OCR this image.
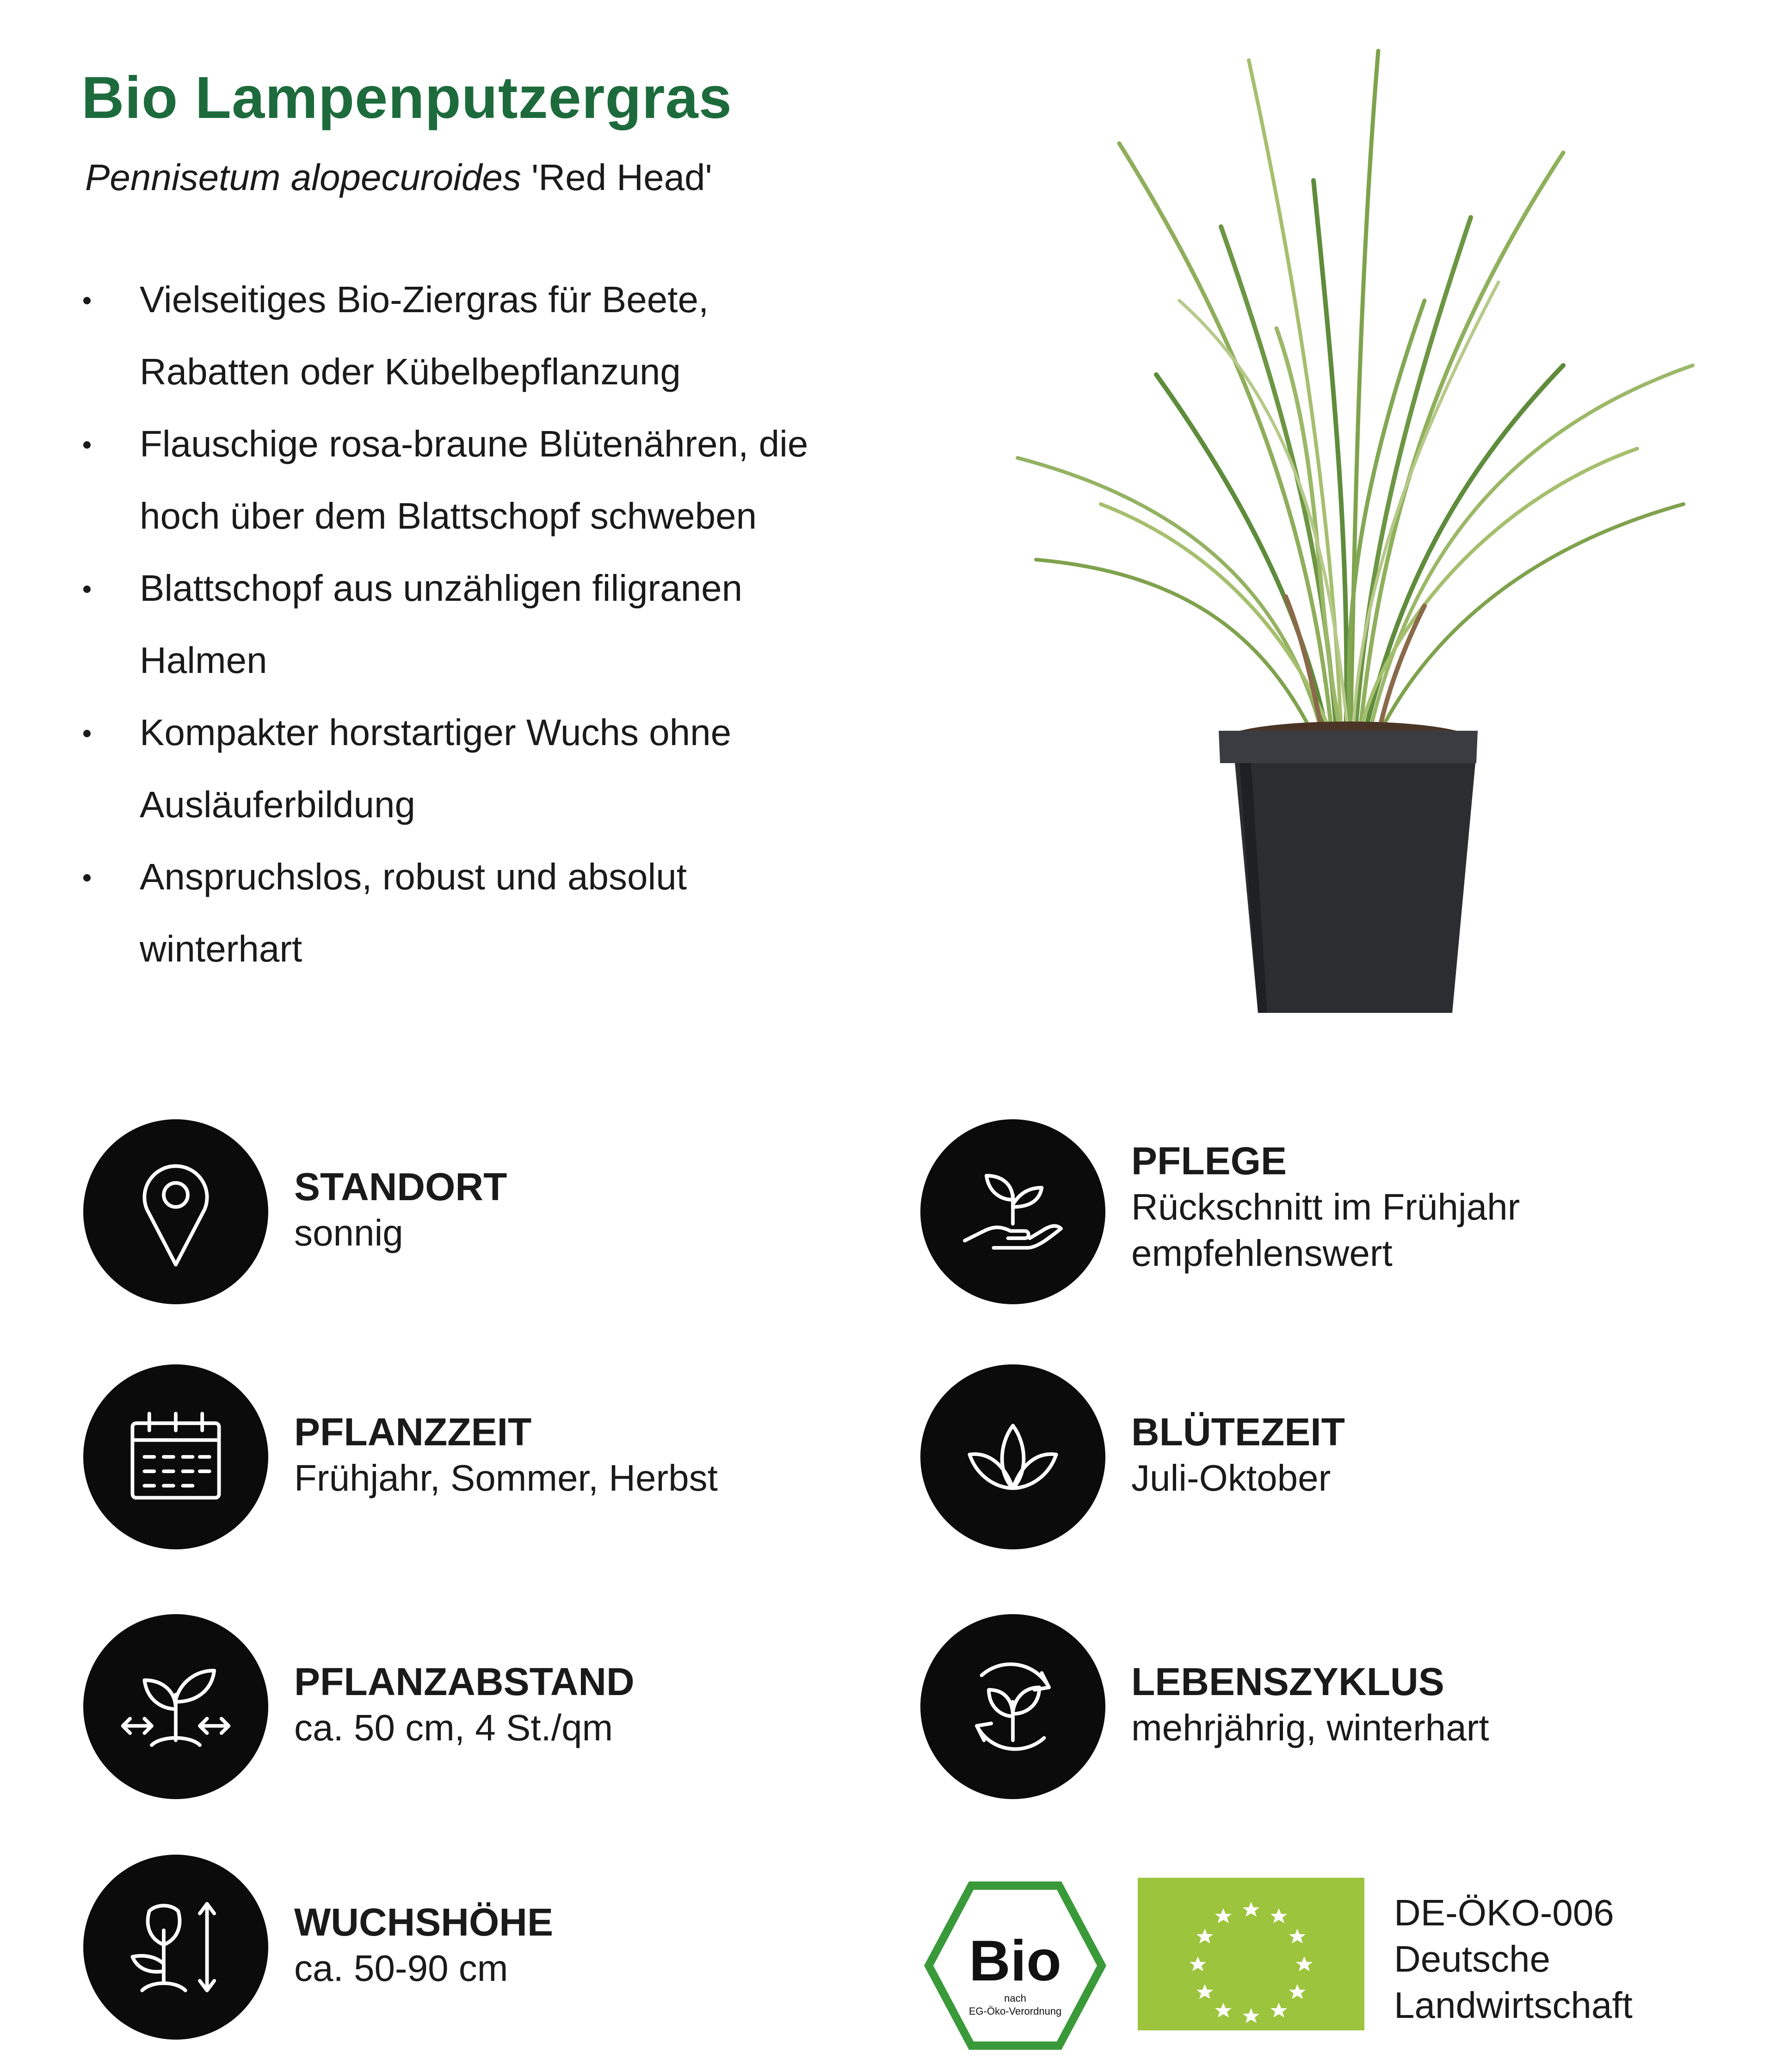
Bio Lampenputzergras
Pennisetum alopecuroides 'Red Head'
Vielseitiges Bio-Ziergras für Beete,
Rabatten oder Kübelbepflanzung
Flauschige rosa-braune Blütenähren, die
hoch über dem Blattschopf schweben
Blattschopf aus unzähligen filigranen
Halmen
Kompakter horstartiger Wuchs ohne
Ausläuferbildung
Anspruchslos, robust und absolut
winterhart
STANDORT
sonnig
PFLEGE
Rückschnitt im Frühjahr
empfehlenswert
PFLANZZEIT
Frühjahr, Sommer, Herbst
BLÜTEZEIT
Juli-Oktober
PFLANZABSTAND
ca. 50 cm, 4 St./qm
LEBENSZYKLUS
mehrjährig, winterhart
WUCHSHÖHE
ca. 50-90 cm	Bio
nach
EG-Öko-Verordnung
DE-ÖKO-006
Deutsche
Landwirtschaft
